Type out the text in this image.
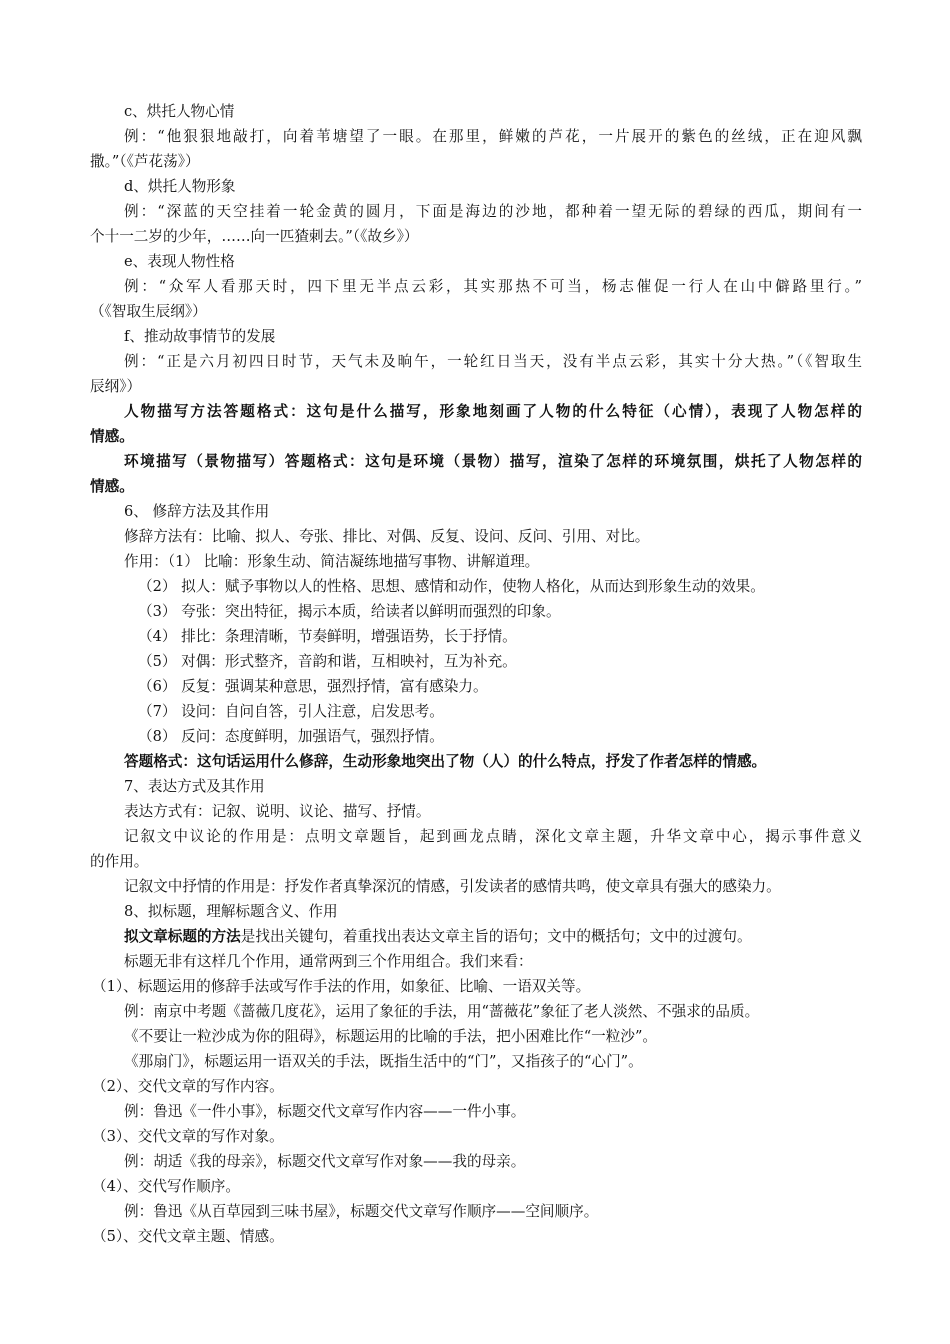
c、烘托人物心情
例：“他狠狠地敲打，向着苇塘望了一眼。在那里，鲜嫩的芦花，一片展开的紫色的丝绒，正在迎风飘
撒。”（《芦花荡》）
d、烘托人物形象
例：“深蓝的天空挂着一轮金黄的圆月，下面是海边的沙地，都种着一望无际的碧绿的西瓜，期间有一
个十一二岁的少年，……向一匹猹刺去。”（《故乡》）
e、表现人物性格
例：“众军人看那天时，四下里无半点云彩，其实那热不可当，杨志催促一行人在山中僻路里行。”
（《智取生辰纲》）
f、推动故事情节的发展
例：“正是六月初四日时节，天气未及晌午，一轮红日当天，没有半点云彩，其实十分大热。”（《智取生
辰纲》）
人物描写方法答题格式：这句是什么描写，形象地刻画了人物的什么特征（心情），表现了人物怎样的
情感。
环境描写（景物描写）答题格式：这句是环境（景物）描写，渲染了怎样的环境氛围，烘托了人物怎样的
情感。
6、 修辞方法及其作用
修辞方法有：比喻、拟人、夸张、排比、对偶、反复、设问、反问、引用、对比。
作用：（1） 比喻：形象生动、简洁凝练地描写事物、讲解道理。
（2） 拟人：赋予事物以人的性格、思想、感情和动作，使物人格化，从而达到形象生动的效果。
（3） 夸张：突出特征，揭示本质，给读者以鲜明而强烈的印象。
（4） 排比：条理清晰，节奏鲜明，增强语势，长于抒情。
（5） 对偶：形式整齐，音韵和谐，互相映衬，互为补充。
（6） 反复：强调某种意思，强烈抒情，富有感染力。
（7） 设问：自问自答，引人注意，启发思考。
（8） 反问：态度鲜明，加强语气，强烈抒情。
答题格式：这句话运用什么修辞，生动形象地突出了物（人）的什么特点，抒发了作者怎样的情感。
7、表达方式及其作用
表达方式有：记叙、说明、议论、描写、抒情。
记叙文中议论的作用是：点明文章题旨，起到画龙点睛，深化文章主题，升华文章中心，揭示事件意义
的作用。
记叙文中抒情的作用是：抒发作者真挚深沉的情感，引发读者的感情共鸣，使文章具有强大的感染力。
8、拟标题，理解标题含义、作用
拟文章标题的方法是找出关键句，着重找出表达文章主旨的语句；文中的概括句；文中的过渡句。
标题无非有这样几个作用，通常两到三个作用组合。我们来看：
（1）、标题运用的修辞手法或写作手法的作用，如象征、比喻、一语双关等。
例：南京中考题《蔷薇几度花》，运用了象征的手法，用“蔷薇花”象征了老人淡然、不强求的品质。
《不要让一粒沙成为你的阻碍》，标题运用的比喻的手法，把小困难比作“一粒沙”。
《那扇门》，标题运用一语双关的手法，既指生活中的“门”，又指孩子的“心门”。
（2）、交代文章的写作内容。
例：鲁迅《一件小事》，标题交代文章写作内容——一件小事。
（3）、交代文章的写作对象。
例：胡适《我的母亲》，标题交代文章写作对象——我的母亲。
（4）、交代写作顺序。
例：鲁迅《从百草园到三味书屋》，标题交代文章写作顺序——空间顺序。
（5）、交代文章主题、情感。
